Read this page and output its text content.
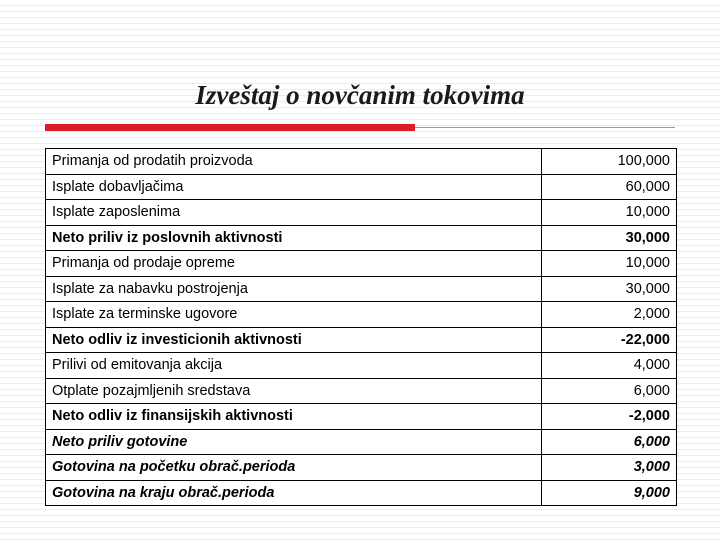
Izveštaj o novčanim tokovima
Primanja od prodatih proizvoda	100,000
Isplate dobavljačima	60,000
Isplate zaposlenima	10,000
Neto priliv iz poslovnih aktivnosti	30,000
Primanja od prodaje opreme	10,000
Isplate za nabavku postrojenja	30,000
Isplate za terminske ugovore	2,000
Neto odliv iz investicionih aktivnosti	-22,000
Prilivi od emitovanja akcija	4,000
Otplate pozajmljenih sredstava	6,000
Neto odliv iz finansijskih aktivnosti	-2,000
Neto priliv gotovine	6,000
Gotovina na početku obrač.perioda	3,000
Gotovina na kraju obrač.perioda	9,000
